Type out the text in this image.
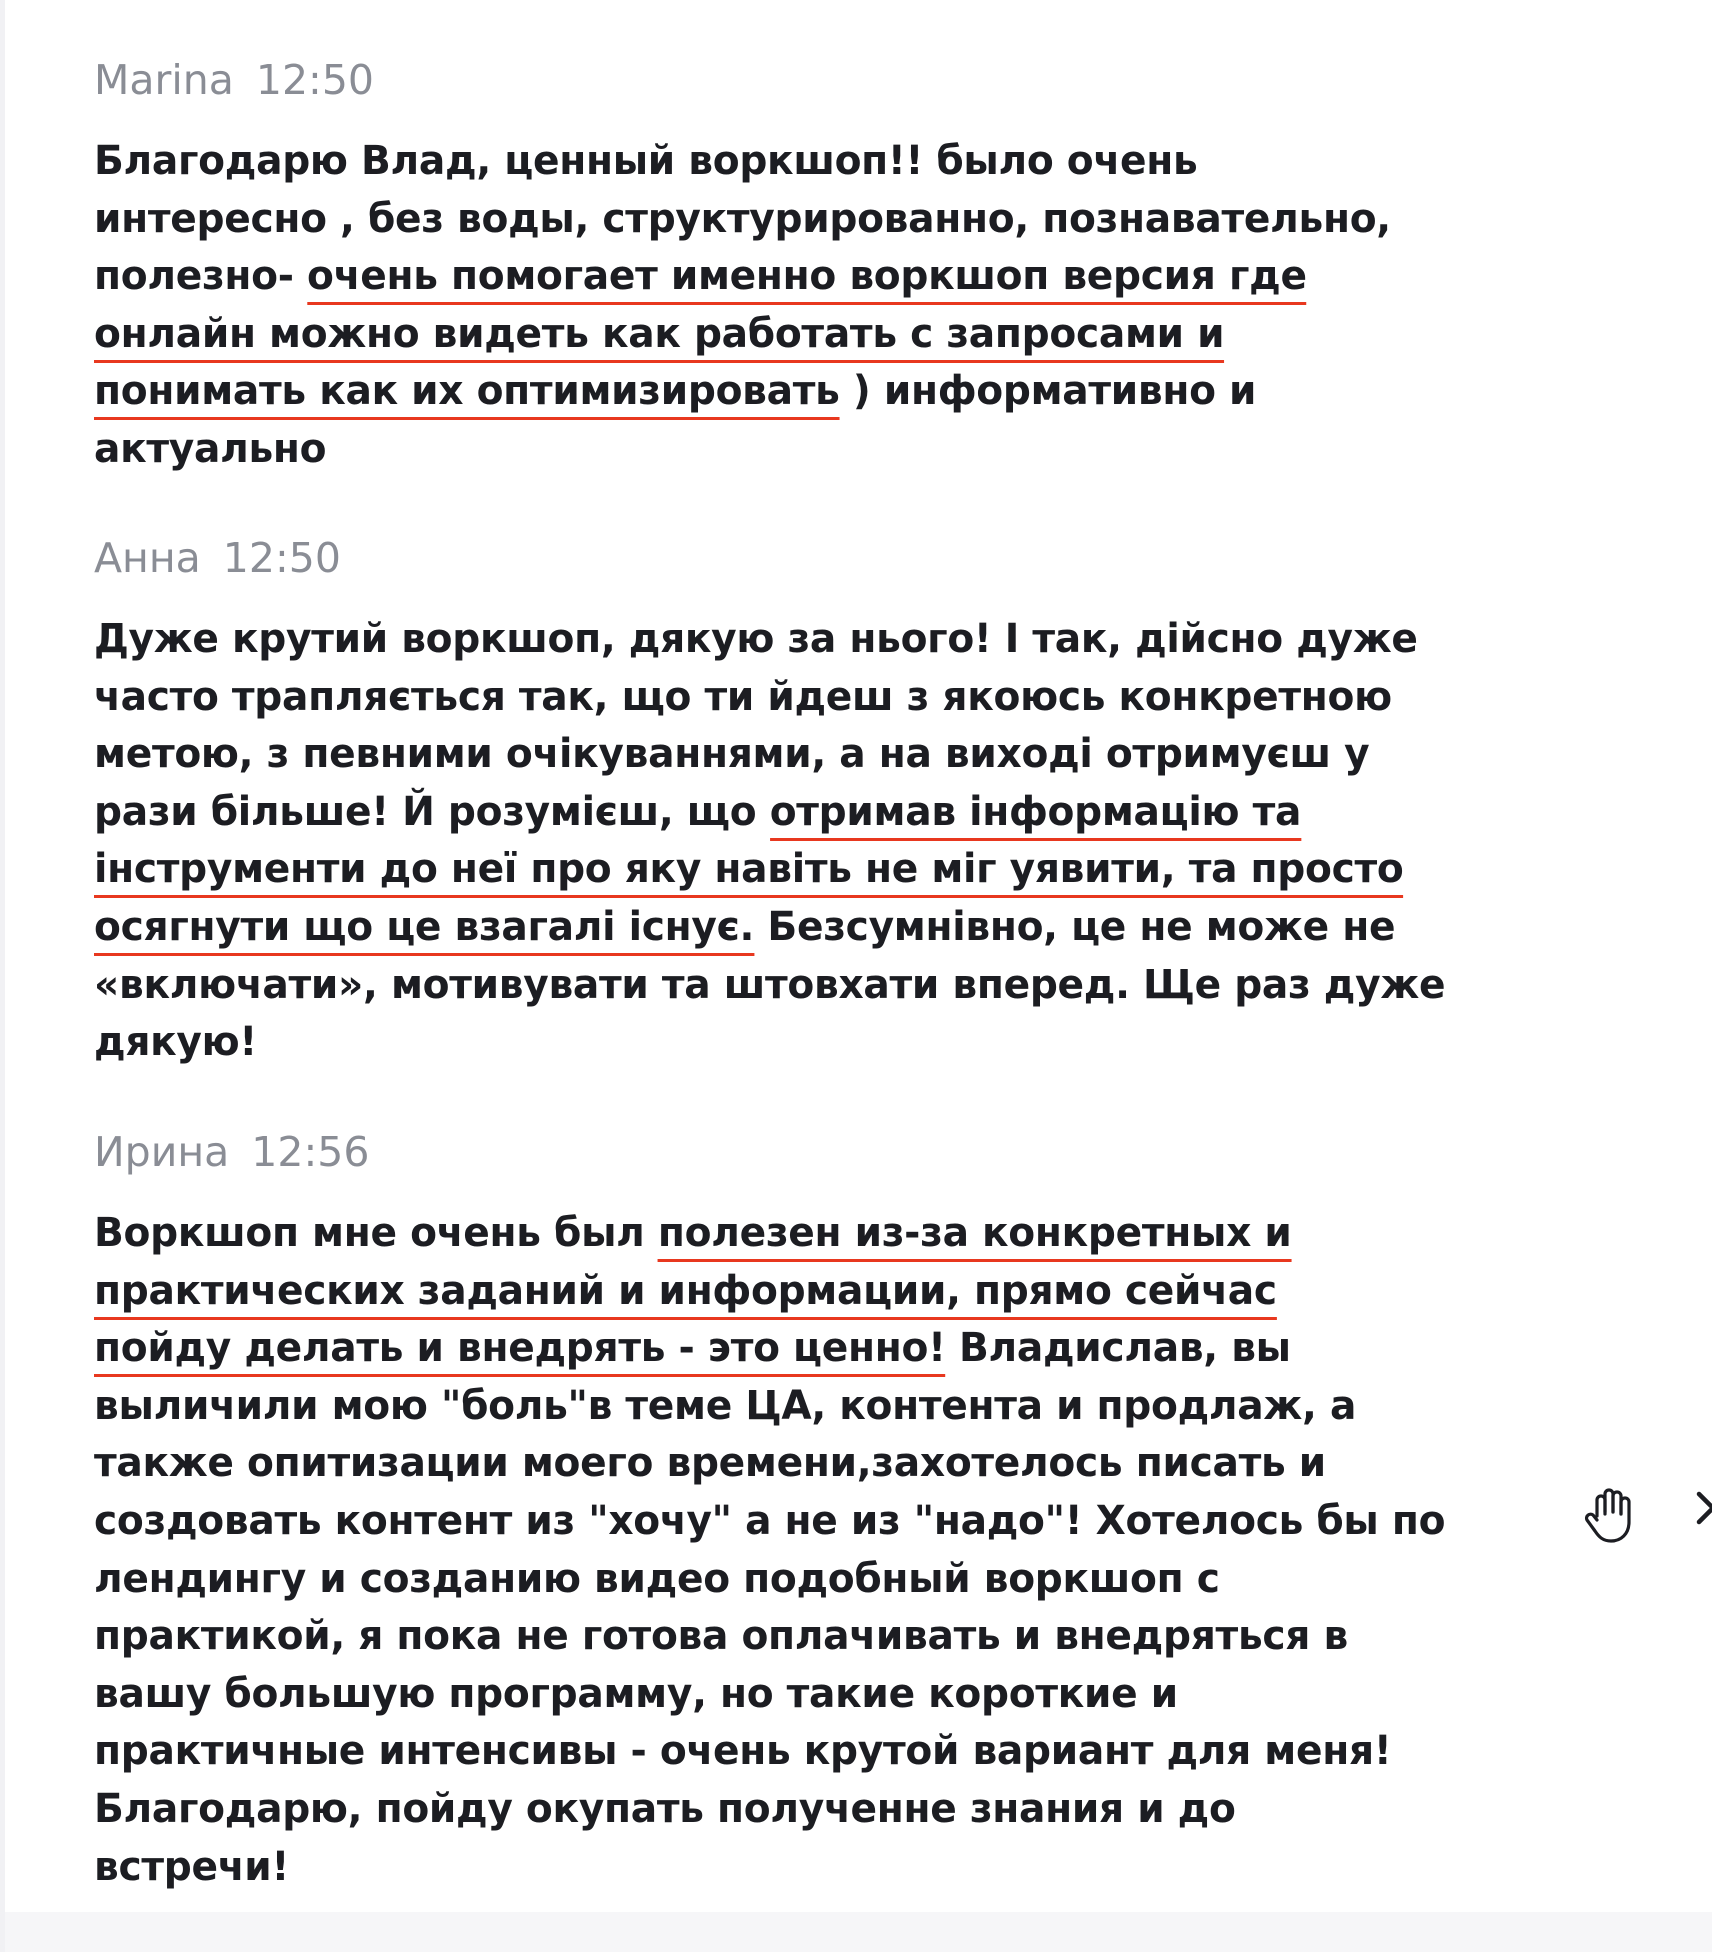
Marina 12:50
Благодарю Влад, ценный воркшоп!! было очень
интересно , без воды, структурированно, познавательно,
полезно- очень помогает именно воркшоп версия где
онлайн можно видеть как работать с запросами и
понимать как их оптимизировать ) информативно и
актуально
Анна 12:50
Дуже крутий воркшоп, дякую за нього! І так, дійсно дуже
часто трапляється так, що ти йдеш з якоюсь конкретною
метою, з певними очікуваннями, а на виході отримуєш у
рази більше! Й розумієш, що отримав інформацію та
інструменти до неї про яку навіть не міг уявити, та просто
осягнути що це взагалі існує. Безсумнівно, це не може не
«включати», мотивувати та штовхати вперед. Ще раз дуже
дякую!
Ирина 12:56
Воркшоп мне очень был полезен из-за конкретных и
практических заданий и информации, прямо сейчас
пойду делать и внедрять - это ценно! Владислав, вы
выличили мою "боль"в теме ЦА, контента и продлаж, а
также опитизации моего времени,захотелось писать и
создовать контент из "хочу" а не из "надо"! Хотелось бы по
лендингу и созданию видео подобный воркшоп с
практикой, я пока не готова оплачивать и внедряться в
вашу большую программу, но такие короткие и
практичные интенсивы - очень крутой вариант для меня!
Благодарю, пойду окупать полученне знания и до
встречи!
